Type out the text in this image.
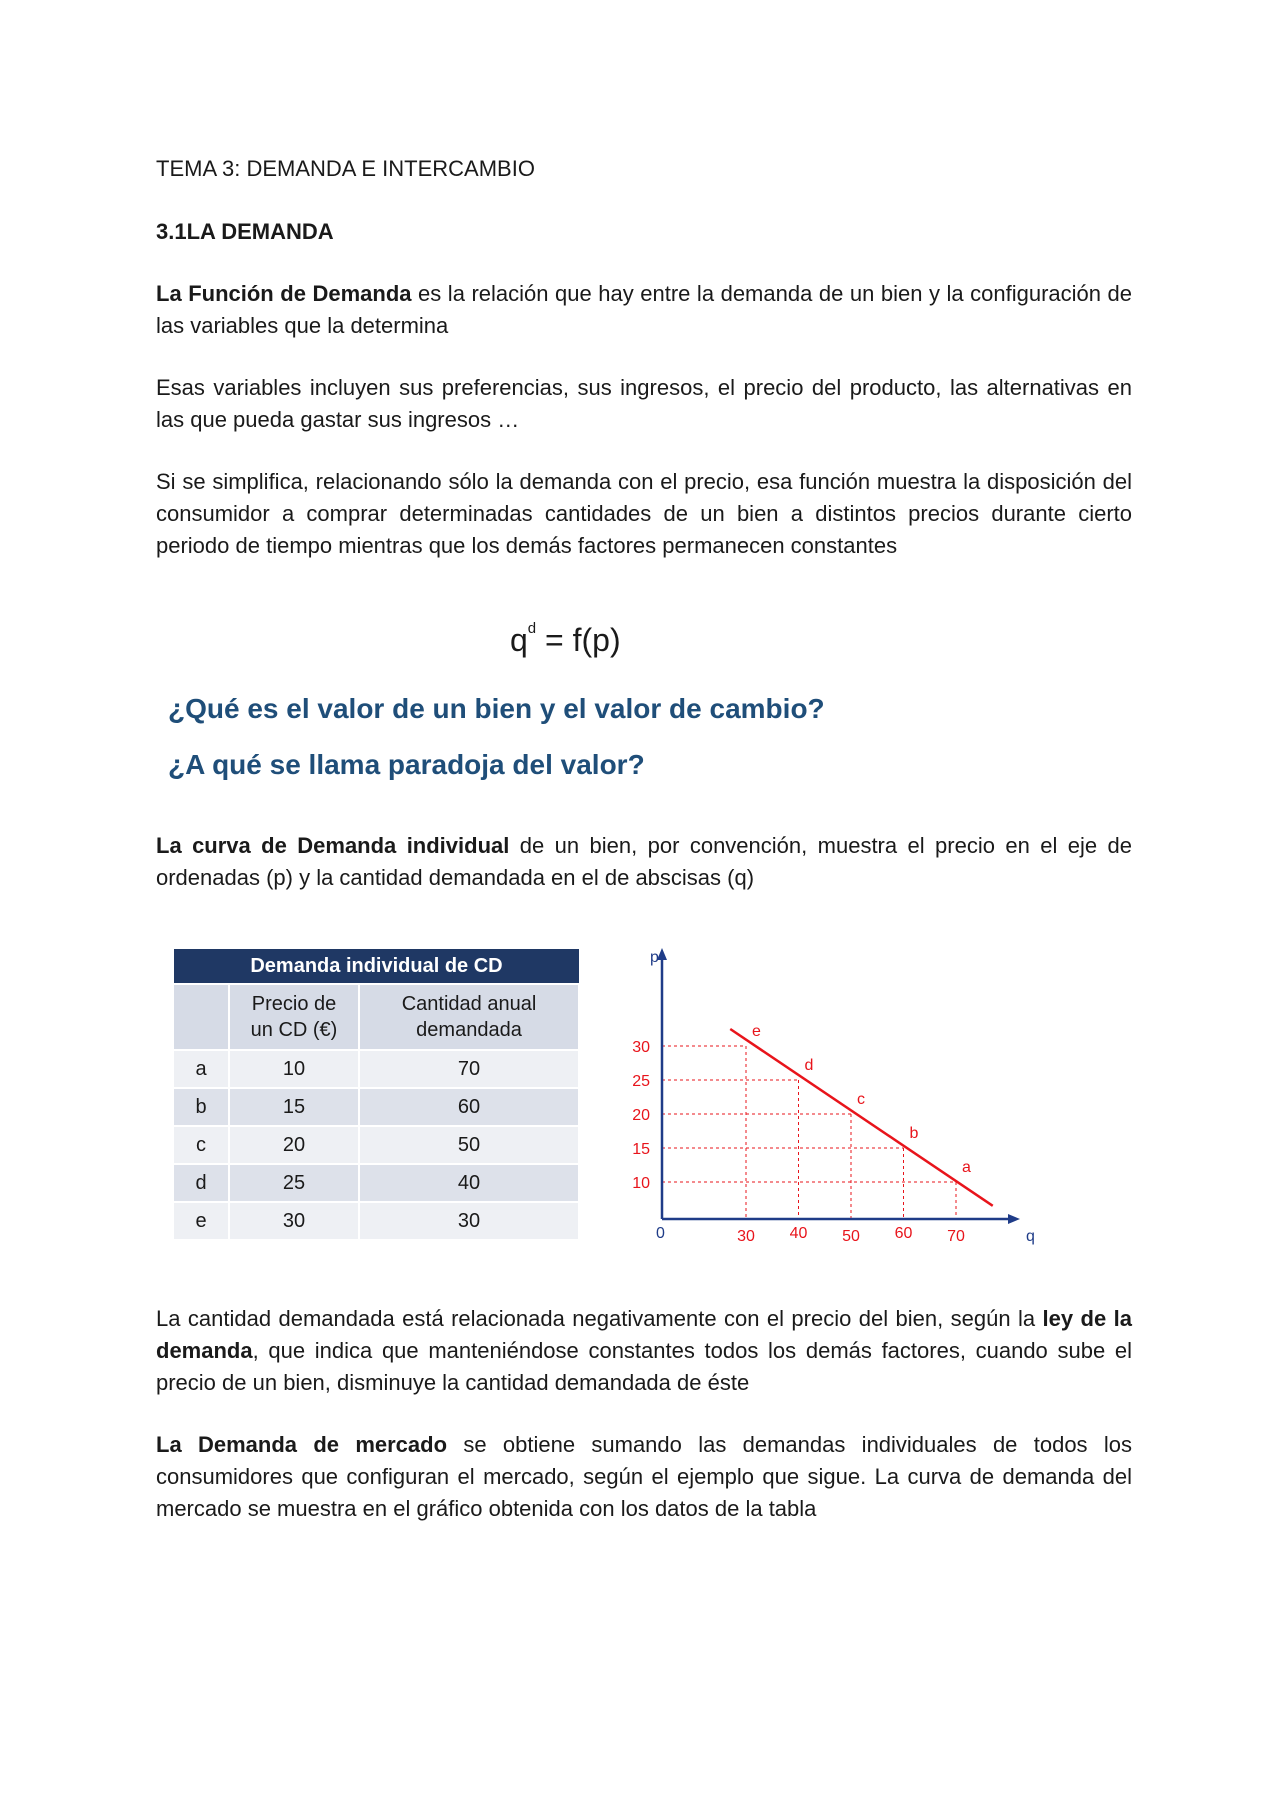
TEMA 3: DEMANDA E INTERCAMBIO
3.1LA DEMANDA
La Función de Demanda es la relación que hay entre la demanda de un bien y la configuración de las variables que la determina
Esas variables incluyen sus preferencias, sus ingresos, el precio del producto, las alternativas en las que pueda gastar sus ingresos …
Si se simplifica, relacionando sólo la demanda con el precio, esa función muestra la disposición del consumidor a comprar determinadas cantidades de un bien a distintos precios durante cierto periodo de tiempo mientras que los demás factores permanecen constantes
$q^d = f(p)$
¿Qué es el valor de un bien y el valor de cambio?
¿A qué se llama paradoja del valor?
La curva de Demanda individual de un bien, por convención, muestra el precio en el eje de ordenadas (p) y la cantidad demandada en el de abscisas (q)
Demanda individual de CD		
	Precio de
un CD (€)	Cantidad anual
demandada
a	10	70
b	15	60
c	20	50
d	25	40
e	30	30
p
q
0
10
15
20
25
30
30 40 50 60 70
a
b
c
d
e
La cantidad demandada está relacionada negativamente con el precio del bien, según la ley de la demanda, que indica que manteniéndose constantes todos los demás factores, cuando sube el precio de un bien, disminuye la cantidad demandada de éste
La Demanda de mercado se obtiene sumando las demandas individuales de todos los consumidores que configuran el mercado, según el ejemplo que sigue. La curva de demanda del mercado se muestra en el gráfico obtenida con los datos de la tabla
